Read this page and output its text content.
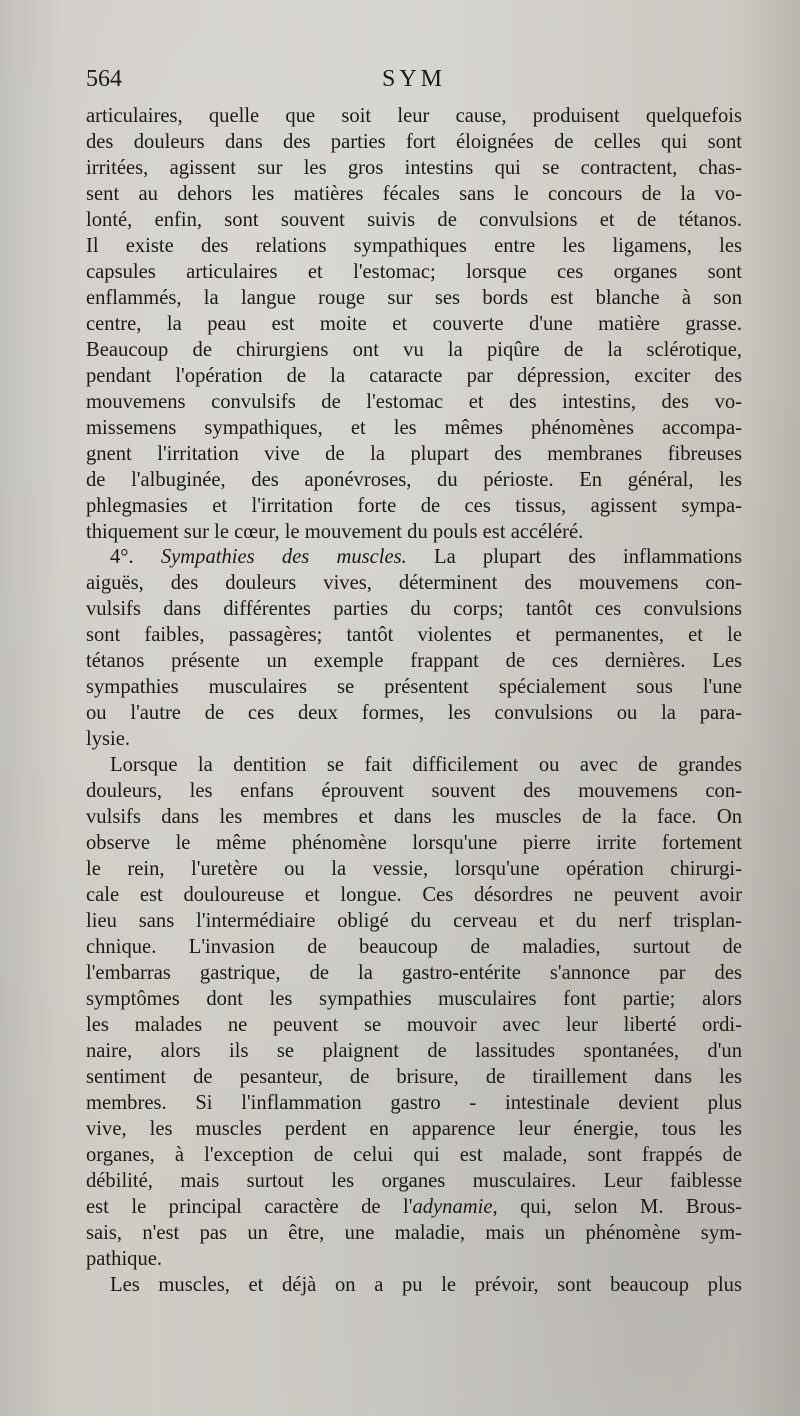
564	SYM
articulaires, quelle que soit leur cause, produisent quelquefois
des douleurs dans des parties fort éloignées de celles qui sont
irritées, agissent sur les gros intestins qui se contractent, chas-
sent au dehors les matières fécales sans le concours de la vo-
lonté, enfin, sont souvent suivis de convulsions et de tétanos.
Il existe des relations sympathiques entre les ligamens, les
capsules articulaires et l'estomac; lorsque ces organes sont
enflammés, la langue rouge sur ses bords est blanche à son
centre, la peau est moite et couverte d'une matière grasse.
Beaucoup de chirurgiens ont vu la piqûre de la sclérotique,
pendant l'opération de la cataracte par dépression, exciter des
mouvemens convulsifs de l'estomac et des intestins, des vo-
missemens sympathiques, et les mêmes phénomènes accompa-
gnent l'irritation vive de la plupart des membranes fibreuses
de l'albuginée, des aponévroses, du périoste. En général, les
phlegmasies et l'irritation forte de ces tissus, agissent sympa-
thiquement sur le cœur, le mouvement du pouls est accéléré.
4°. Sympathies des muscles. La plupart des inflammations
aiguës, des douleurs vives, déterminent des mouvemens con-
vulsifs dans différentes parties du corps; tantôt ces convulsions
sont faibles, passagères; tantôt violentes et permanentes, et le
tétanos présente un exemple frappant de ces dernières. Les
sympathies musculaires se présentent spécialement sous l'une
ou l'autre de ces deux formes, les convulsions ou la para-
lysie.
Lorsque la dentition se fait difficilement ou avec de grandes
douleurs, les enfans éprouvent souvent des mouvemens con-
vulsifs dans les membres et dans les muscles de la face. On
observe le même phénomène lorsqu'une pierre irrite fortement
le rein, l'uretère ou la vessie, lorsqu'une opération chirurgi-
cale est douloureuse et longue. Ces désordres ne peuvent avoir
lieu sans l'intermédiaire obligé du cerveau et du nerf trisplan-
chnique. L'invasion de beaucoup de maladies, surtout de
l'embarras gastrique, de la gastro-entérite s'annonce par des
symptômes dont les sympathies musculaires font partie; alors
les malades ne peuvent se mouvoir avec leur liberté ordi-
naire, alors ils se plaignent de lassitudes spontanées, d'un
sentiment de pesanteur, de brisure, de tiraillement dans les
membres. Si l'inflammation gastro - intestinale devient plus
vive, les muscles perdent en apparence leur énergie, tous les
organes, à l'exception de celui qui est malade, sont frappés de
débilité, mais surtout les organes musculaires. Leur faiblesse
est le principal caractère de l'adynamie, qui, selon M. Brous-
sais, n'est pas un être, une maladie, mais un phénomène sym-
pathique.
Les muscles, et déjà on a pu le prévoir, sont beaucoup plus
